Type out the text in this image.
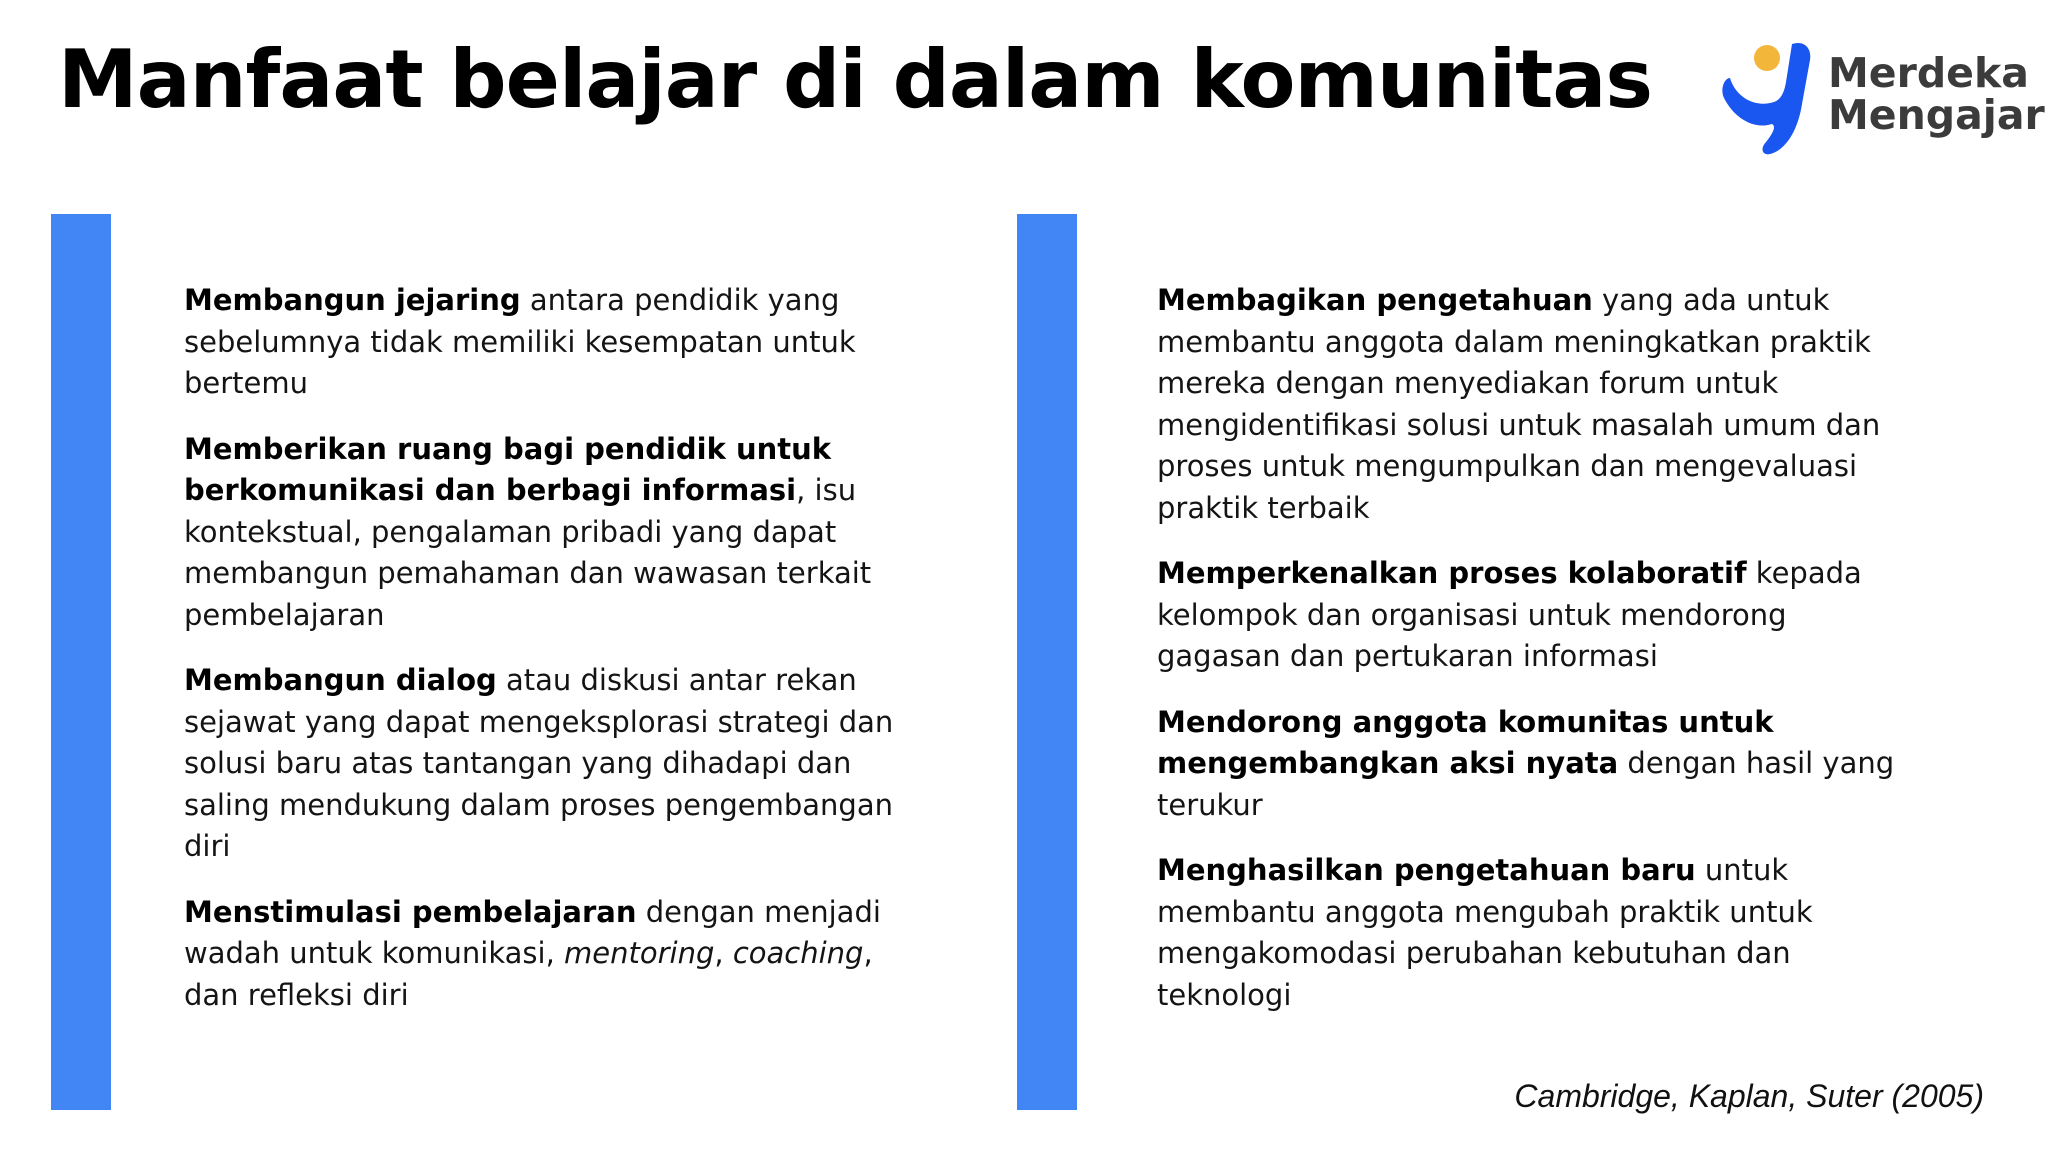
Manfaat belajar di dalam komunitas	Merdeka
Mengajar

Membangun jejaring antara pendidik yang sebelumnya tidak memiliki kesempatan untuk bertemu

Memberikan ruang bagi pendidik untuk berkomunikasi dan berbagi informasi, isu kontekstual, pengalaman pribadi yang dapat membangun pemahaman dan wawasan terkait pembelajaran

Membangun dialog atau diskusi antar rekan sejawat yang dapat mengeksplorasi strategi dan solusi baru atas tantangan yang dihadapi dan saling mendukung dalam proses pengembangan diri

Menstimulasi pembelajaran dengan menjadi wadah untuk komunikasi, mentoring, coaching, dan refleksi diri

Membagikan pengetahuan yang ada untuk membantu anggota dalam meningkatkan praktik mereka dengan menyediakan forum untuk mengidentifikasi solusi untuk masalah umum dan proses untuk mengumpulkan dan mengevaluasi praktik terbaik

Memperkenalkan proses kolaboratif kepada kelompok dan organisasi untuk mendorong gagasan dan pertukaran informasi

Mendorong anggota komunitas untuk mengembangkan aksi nyata dengan hasil yang terukur

Menghasilkan pengetahuan baru untuk membantu anggota mengubah praktik untuk mengakomodasi perubahan kebutuhan dan teknologi

Cambridge, Kaplan, Suter (2005)
